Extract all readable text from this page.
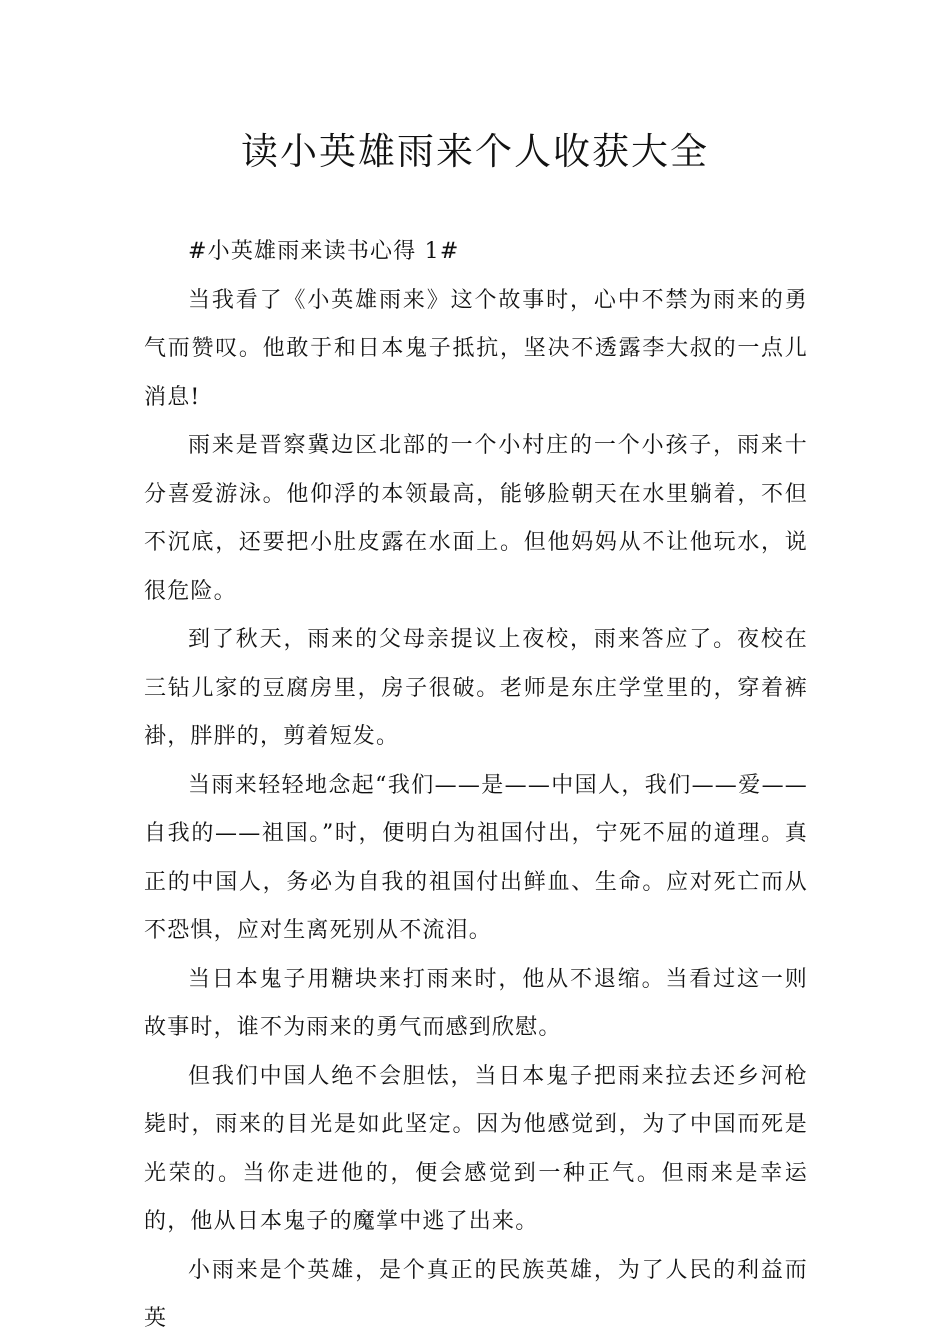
读小英雄雨来个人收获大全

#小英雄雨来读书心得 1#

当我看了《小英雄雨来》这个故事时，心中不禁为雨来的勇气而赞叹。他敢于和日本鬼子抵抗，坚决不透露李大叔的一点儿消息!

雨来是晋察冀边区北部的一个小村庄的一个小孩子，雨来十分喜爱游泳。他仰浮的本领最高，能够脸朝天在水里躺着，不但不沉底，还要把小肚皮露在水面上。但他妈妈从不让他玩水，说很危险。

到了秋天，雨来的父母亲提议上夜校，雨来答应了。夜校在三钻儿家的豆腐房里，房子很破。老师是东庄学堂里的，穿着裤褂，胖胖的，剪着短发。

当雨来轻轻地念起“我们——是——中国人，我们——爱——自我的——祖国。”时，便明白为祖国付出，宁死不屈的道理。真正的中国人，务必为自我的祖国付出鲜血、生命。应对死亡而从不恐惧，应对生离死别从不流泪。

当日本鬼子用糖块来打雨来时，他从不退缩。当看过这一则故事时，谁不为雨来的勇气而感到欣慰。

但我们中国人绝不会胆怯，当日本鬼子把雨来拉去还乡河枪毙时，雨来的目光是如此坚定。因为他感觉到，为了中国而死是光荣的。当你走进他的，便会感觉到一种正气。但雨来是幸运的，他从日本鬼子的魔掌中逃了出来。

小雨来是个英雄，是个真正的民族英雄，为了人民的利益而英
